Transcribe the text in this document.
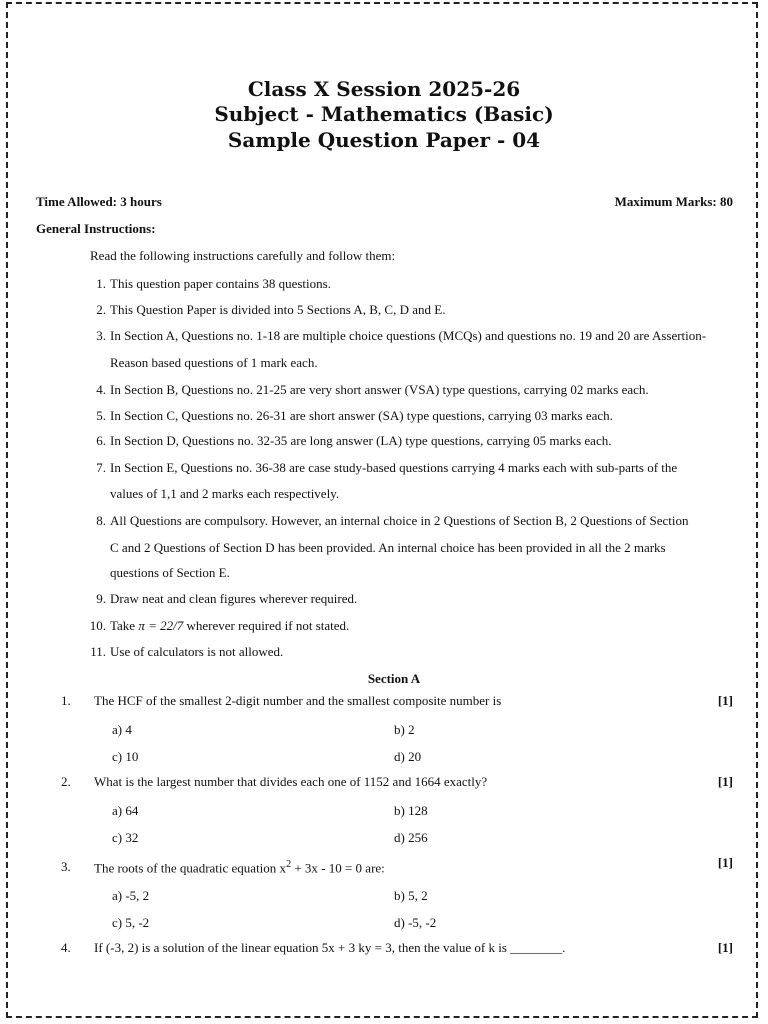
Class X Session 2025-26
Subject - Mathematics (Basic)
Sample Question Paper - 04
Time Allowed: 3 hours	Maximum Marks: 80
General Instructions:
Read the following instructions carefully and follow them:
1. This question paper contains 38 questions.
2. This Question Paper is divided into 5 Sections A, B, C, D and E.
3. In Section A, Questions no. 1-18 are multiple choice questions (MCQs) and questions no. 19 and 20 are Assertion-
Reason based questions of 1 mark each.
4. In Section B, Questions no. 21-25 are very short answer (VSA) type questions, carrying 02 marks each.
5. In Section C, Questions no. 26-31 are short answer (SA) type questions, carrying 03 marks each.
6. In Section D, Questions no. 32-35 are long answer (LA) type questions, carrying 05 marks each.
7. In Section E, Questions no. 36-38 are case study-based questions carrying 4 marks each with sub-parts of the
values of 1,1 and 2 marks each respectively.
8. All Questions are compulsory. However, an internal choice in 2 Questions of Section B, 2 Questions of Section
C and 2 Questions of Section D has been provided. An internal choice has been provided in all the 2 marks
questions of Section E.
9. Draw neat and clean figures wherever required.
10. Take π = 22/7 wherever required if not stated.
11. Use of calculators is not allowed.
Section A
1. The HCF of the smallest 2-digit number and the smallest composite number is	[1]
a) 4	b) 2
c) 10	d) 20
2. What is the largest number that divides each one of 1152 and 1664 exactly?	[1]
a) 64	b) 128
c) 32	d) 256
3. The roots of the quadratic equation $x^2 + 3x - 10 = 0$ are:	[1]
a) -5, 2	b) 5, 2
c) 5, -2	d) -5, -2
4. If (-3, 2) is a solution of the linear equation 5x + 3 ky = 3, then the value of k is ________.	[1]
